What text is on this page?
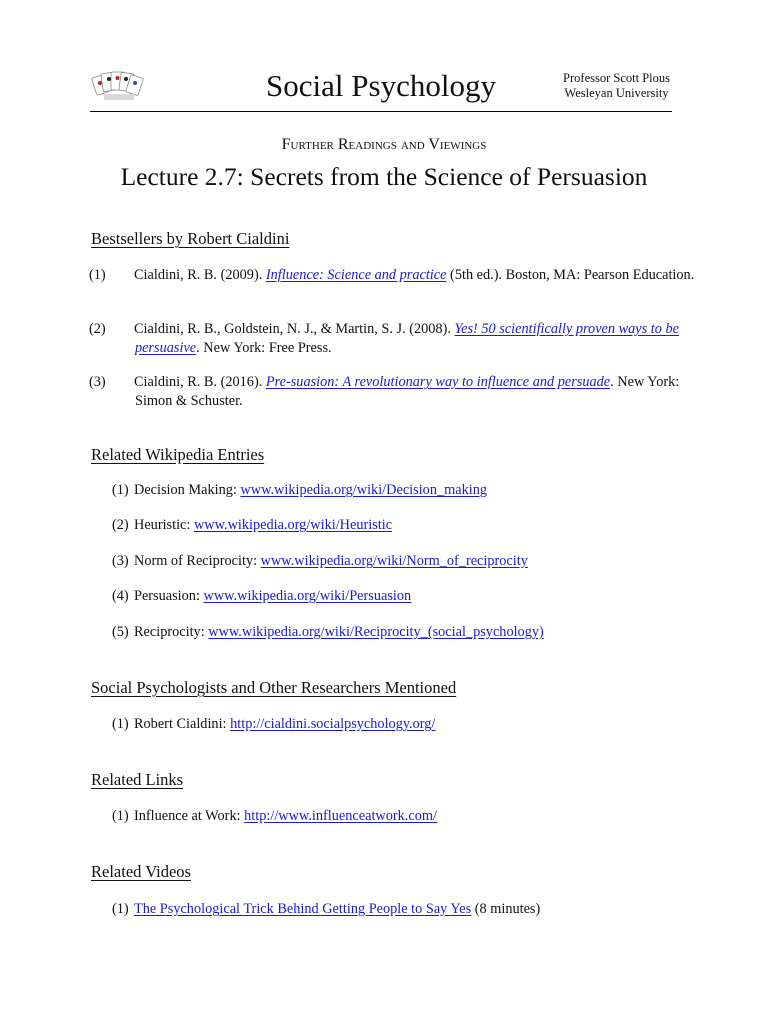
Social Psychology	Professor Scott Plous
Wesleyan University
Further Readings and Viewings
Lecture 2.7: Secrets from the Science of Persuasion
Bestsellers by Robert Cialdini
(1) Cialdini, R. B. (2009). Influence: Science and practice (5th ed.). Boston, MA: Pearson Education.
(2) Cialdini, R. B., Goldstein, N. J., & Martin, S. J. (2008). Yes! 50 scientifically proven ways to be persuasive. New York: Free Press.
(3) Cialdini, R. B. (2016). Pre-suasion: A revolutionary way to influence and persuade. New York: Simon & Schuster.
Related Wikipedia Entries
(1) Decision Making: www.wikipedia.org/wiki/Decision_making
(2) Heuristic: www.wikipedia.org/wiki/Heuristic
(3) Norm of Reciprocity: www.wikipedia.org/wiki/Norm_of_reciprocity
(4) Persuasion: www.wikipedia.org/wiki/Persuasion
(5) Reciprocity: www.wikipedia.org/wiki/Reciprocity_(social_psychology)
Social Psychologists and Other Researchers Mentioned
(1) Robert Cialdini: http://cialdini.socialpsychology.org/
Related Links
(1) Influence at Work: http://www.influenceatwork.com/
Related Videos
(1) The Psychological Trick Behind Getting People to Say Yes (8 minutes)
